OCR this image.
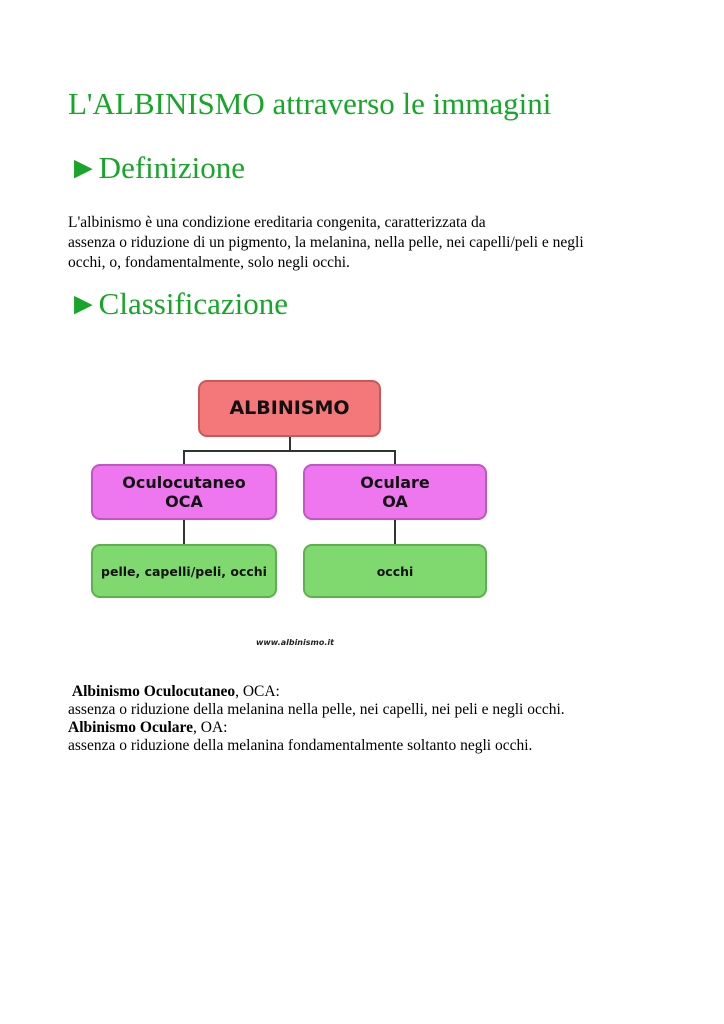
L'ALBINISMO attraverso le immagini
►Definizione
L'albinismo è una condizione ereditaria congenita, caratterizzata da
assenza o riduzione di un pigmento, la melanina, nella pelle, nei capelli/peli e negli
occhi, o, fondamentalmente, solo negli occhi.
►Classificazione
ALBINISMO
Oculocutaneo
OCA
Oculare
OA
pelle, capelli/peli, occhi	occhi
www.albinismo.it
Albinismo Oculocutaneo, OCA:
assenza o riduzione della melanina nella pelle, nei capelli, nei peli e negli occhi.
Albinismo Oculare, OA:
assenza o riduzione della melanina fondamentalmente soltanto negli occhi.
